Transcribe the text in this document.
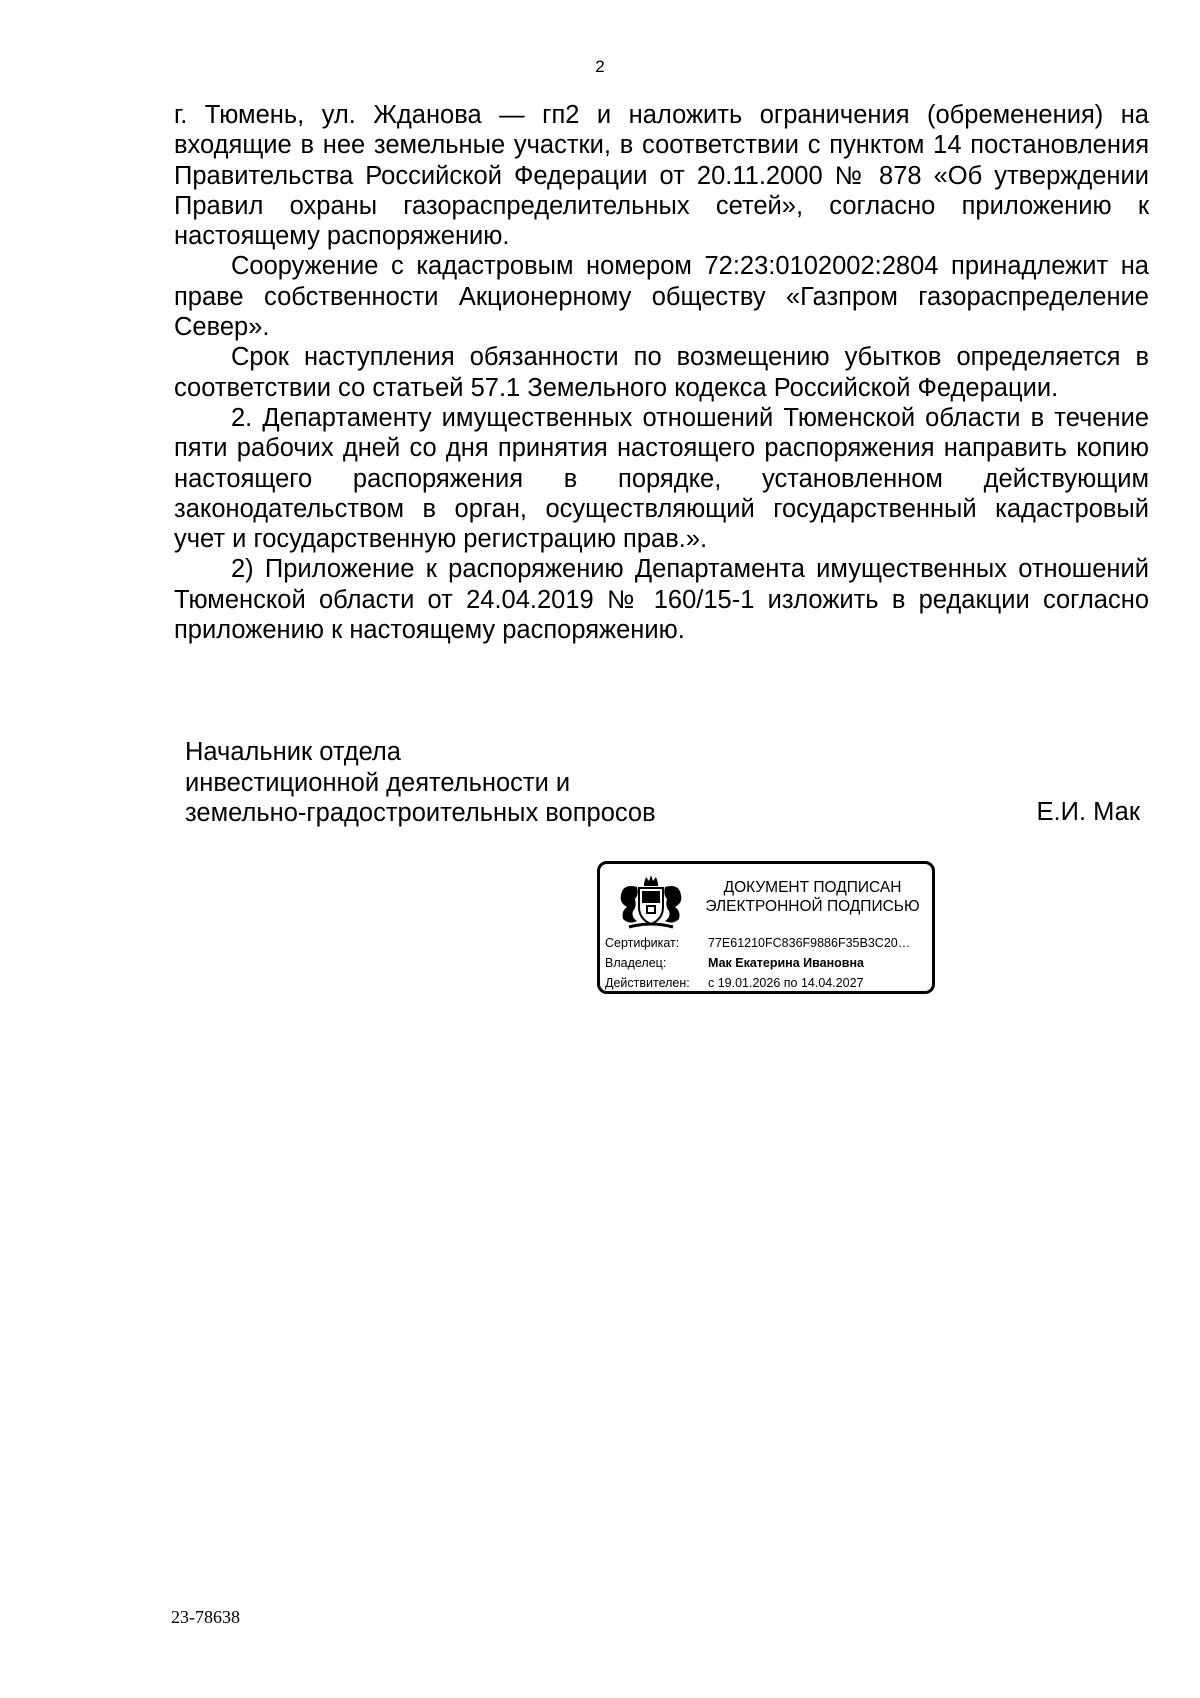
2

г. Тюмень, ул. Жданова — гп2 и наложить ограничения (обременения) на входящие в нее земельные участки, в соответствии с пунктом 14 постановления Правительства Российской Федерации от 20.11.2000 № 878 «Об утверждении Правил охраны газораспределительных сетей», согласно приложению к настоящему распоряжению.

Сооружение с кадастровым номером 72:23:0102002:2804 принадлежит на праве собственности Акционерному обществу «Газпром газораспределение Север».

Срок наступления обязанности по возмещению убытков определяется в соответствии со статьей 57.1 Земельного кодекса Российской Федерации.

2. Департаменту имущественных отношений Тюменской области в течение пяти рабочих дней со дня принятия настоящего распоряжения направить копию настоящего распоряжения в порядке, установленном действующим законодательством в орган, осуществляющий государственный кадастровый учет и государственную регистрацию прав.».

2) Приложение к распоряжению Департамента имущественных отношений Тюменской области от 24.04.2019 № 160/15-1 изложить в редакции согласно приложению к настоящему распоряжению.

Начальник отдела
инвестиционной деятельности и
земельно-градостроительных вопросов	Е.И. Мак
ДОКУМЕНТ ПОДПИСАН
ЭЛЕКТРОННОЙ ПОДПИСЬЮ
Сертификат:	77E61210FC836F9886F35B3C20…
Владелец:	Мак Екатерина Ивановна
Действителен:	с 19.01.2026 по 14.04.2027
23-78638
